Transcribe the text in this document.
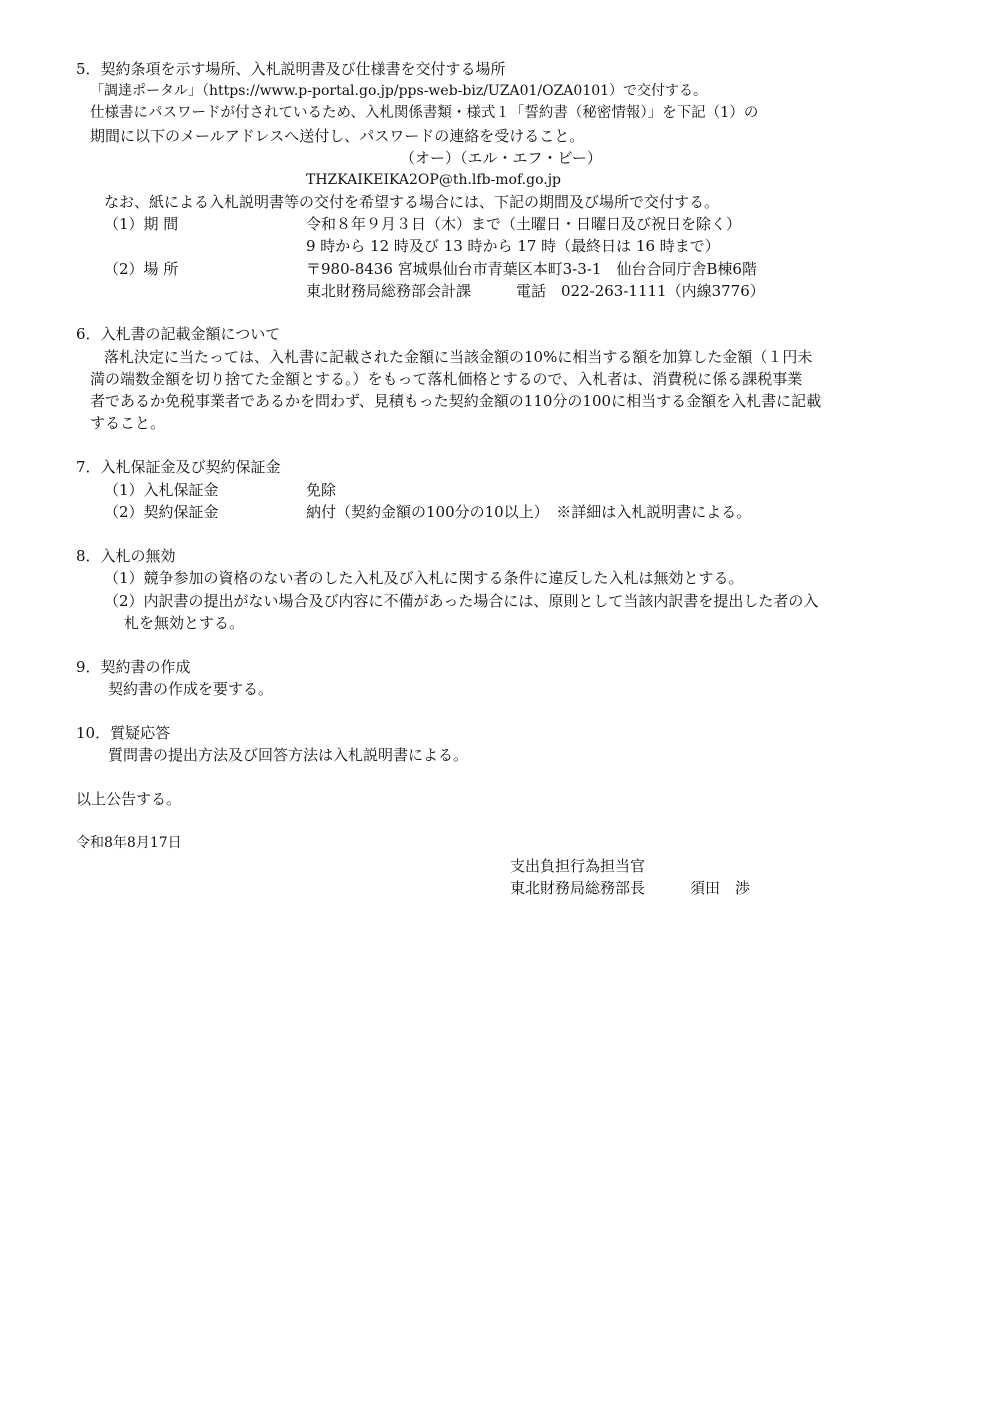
5．契約条項を示す場所、入札説明書及び仕様書を交付する場所
「調達ポータル」（https://www.p-portal.go.jp/pps-web-biz/UZA01/OZA0101）で交付する。
仕様書にパスワードが付されているため、入札関係書類・様式１「誓約書（秘密情報）」を下記（1）の
期間に以下のメールアドレスへ送付し、パスワードの連絡を受けること。
（オー）（エル・エフ・ビー）
THZKAIKEIKA2OP@th.lfb-mof.go.jp
なお、紙による入札説明書等の交付を希望する場合には、下記の期間及び場所で交付する。
（1）期 間	令和８年９月３日（木）まで（土曜日・日曜日及び祝日を除く）
9 時から 12 時及び 13 時から 17 時（最終日は 16 時まで）
（2）場 所	〒980-8436 宮城県仙台市青葉区本町3-3-1　仙台合同庁舎B棟6階
東北財務局総務部会計課　　　電話　022-263-1111（内線3776）
6．入札書の記載金額について
落札決定に当たっては、入札書に記載された金額に当該金額の10%に相当する額を加算した金額（１円未
満の端数金額を切り捨てた金額とする。）をもって落札価格とするので、入札者は、消費税に係る課税事業
者であるか免税事業者であるかを問わず、見積もった契約金額の110分の100に相当する金額を入札書に記載
すること。
7．入札保証金及び契約保証金
（1）入札保証金	免除
（2）契約保証金	納付（契約金額の100分の10以上）　※詳細は入札説明書による。
8．入札の無効
（1）競争参加の資格のない者のした入札及び入札に関する条件に違反した入札は無効とする。
（2）内訳書の提出がない場合及び内容に不備があった場合には、原則として当該内訳書を提出した者の入
札を無効とする。
9．契約書の作成
契約書の作成を要する。
10．質疑応答
質問書の提出方法及び回答方法は入札説明書による。
以上公告する。
令和8年8月17日
支出負担行為担当官
東北財務局総務部長	須田　渉
